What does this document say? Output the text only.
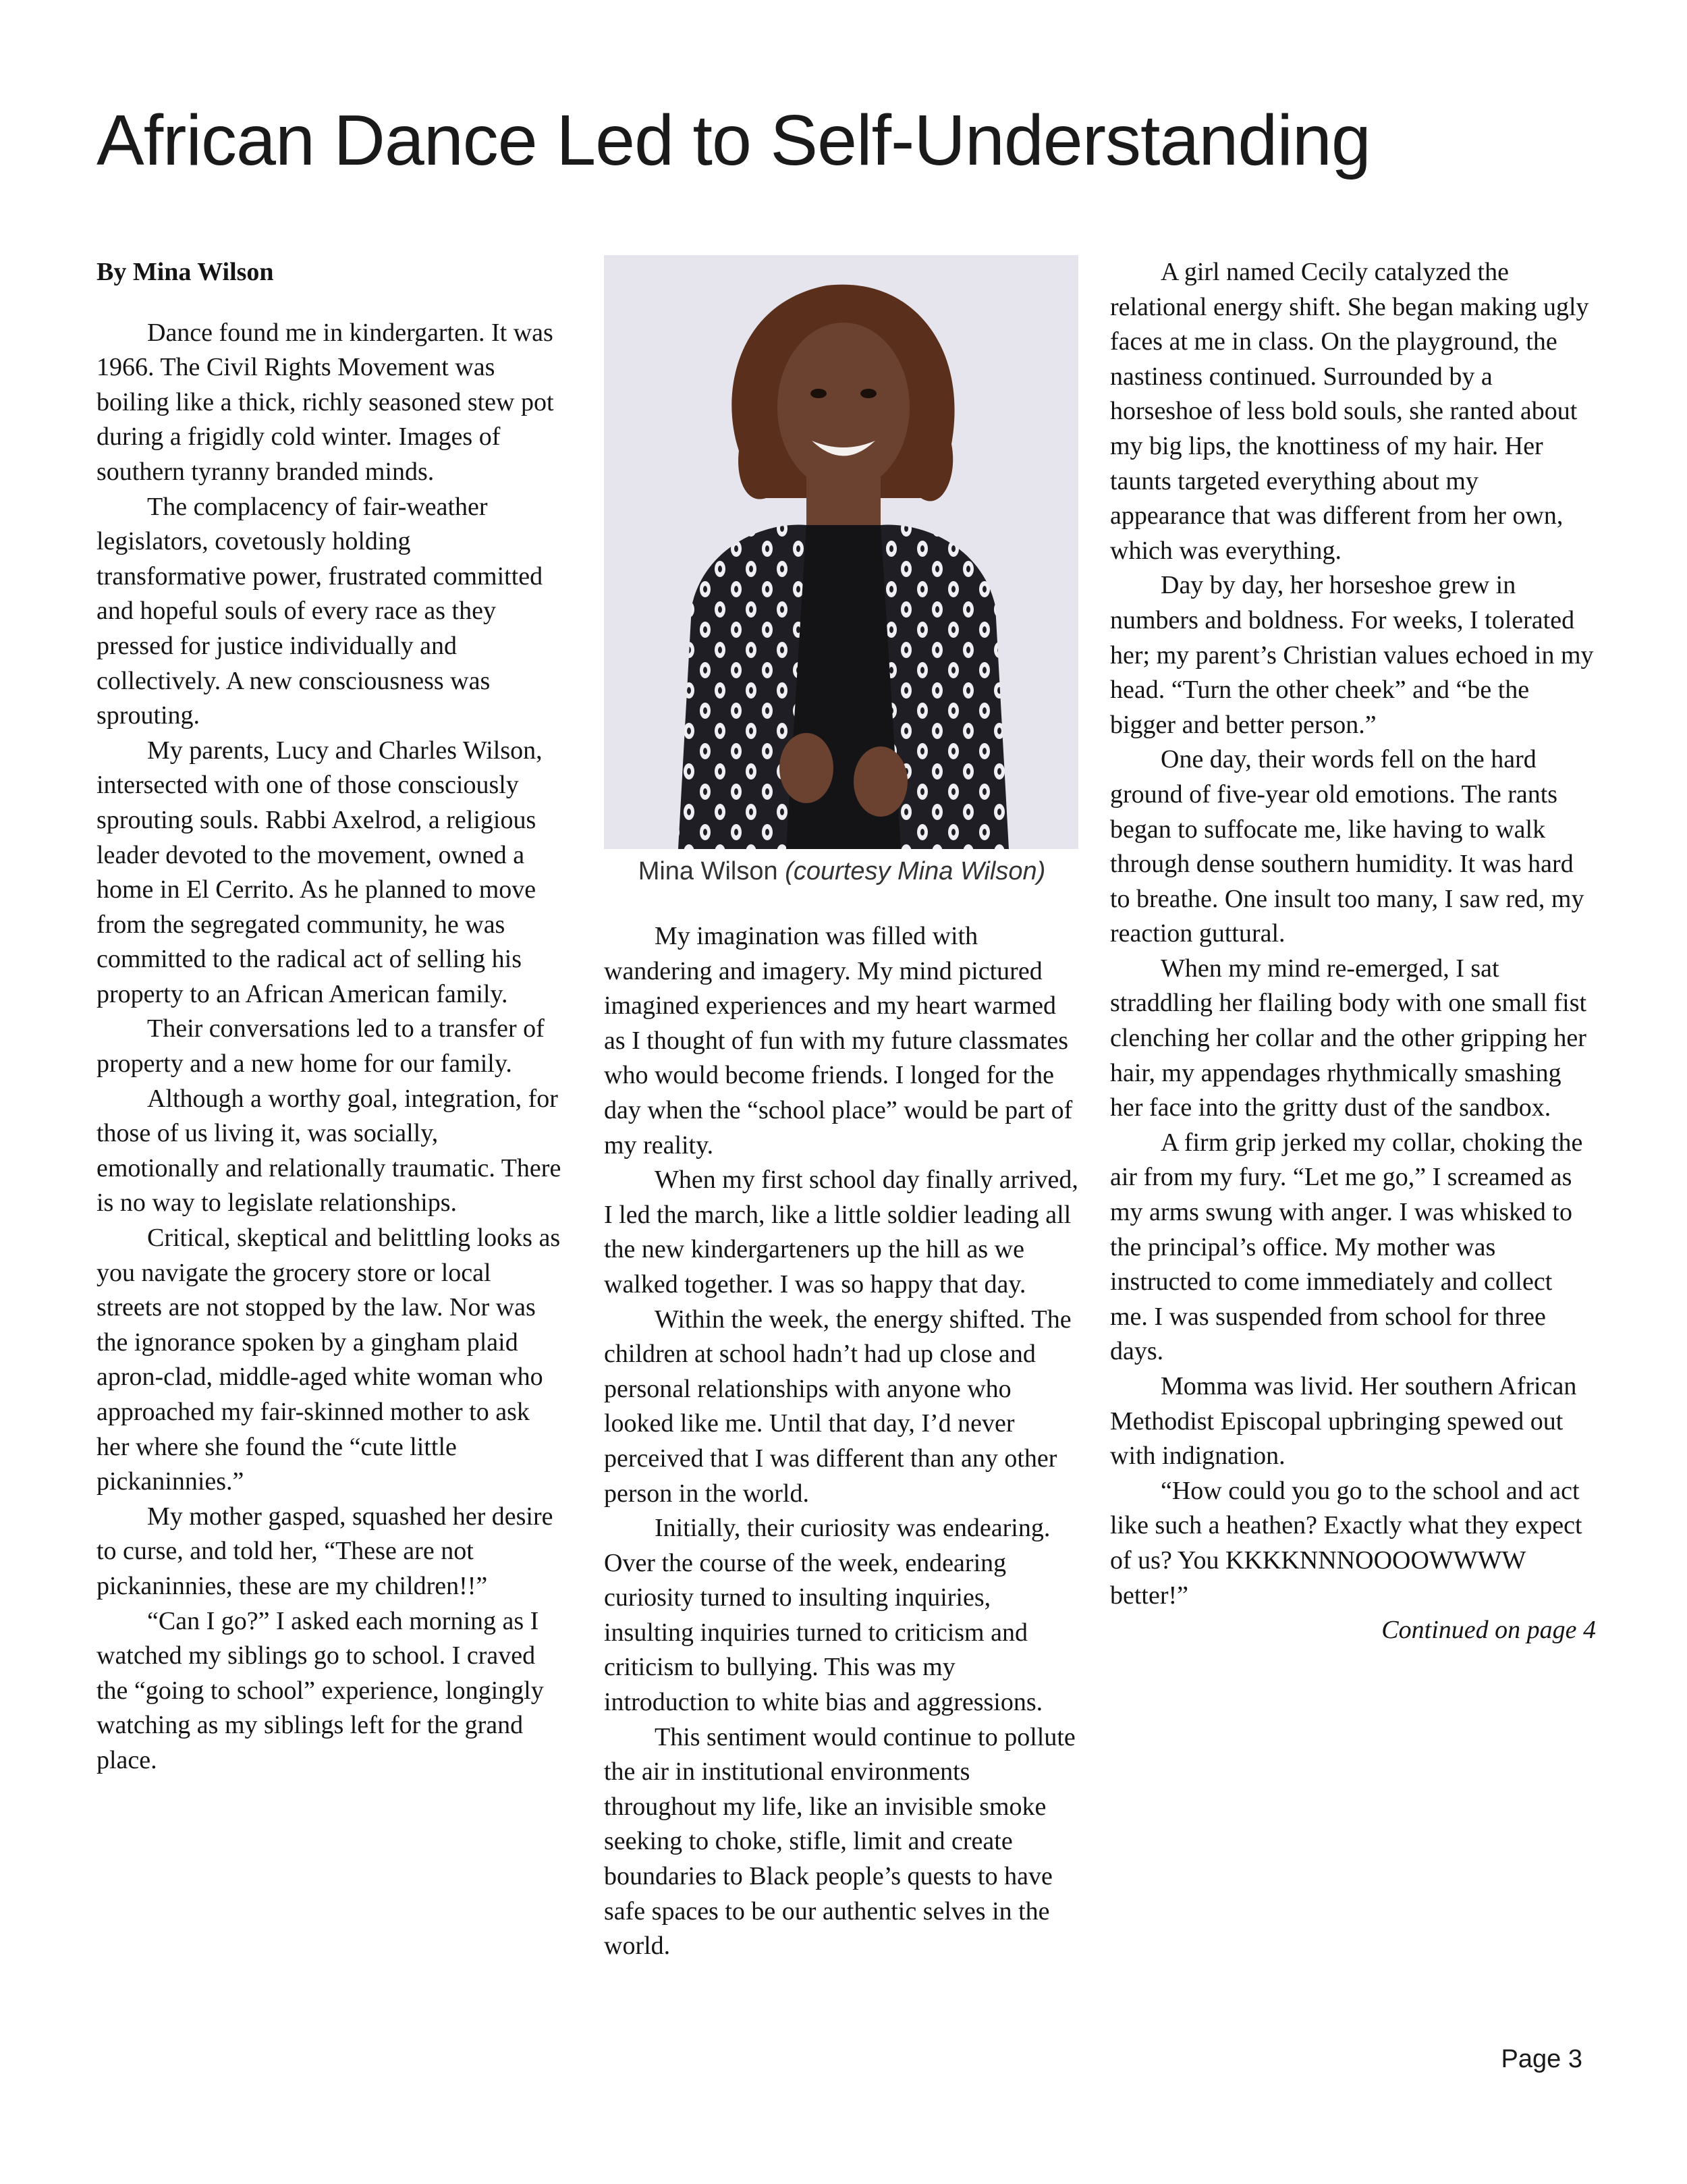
African Dance Led to Self-Understanding
By Mina Wilson

Dance found me in kindergarten. It was 1966. The Civil Rights Movement was boiling like a thick, richly seasoned stew pot during a frigidly cold winter. Images of southern tyranny branded minds.

The complacency of fair-weather legislators, covetously holding transformative power, frustrated committed and hopeful souls of every race as they pressed for justice individually and collectively. A new consciousness was sprouting.

My parents, Lucy and Charles Wilson, intersected with one of those consciously sprouting souls. Rabbi Axelrod, a religious leader devoted to the movement, owned a home in El Cerrito. As he planned to move from the segregated community, he was committed to the radical act of selling his property to an African American family.

Their conversations led to a transfer of property and a new home for our family.

Although a worthy goal, integration, for those of us living it, was socially, emotionally and relationally traumatic. There is no way to legislate relationships.

Critical, skeptical and belittling looks as you navigate the grocery store or local streets are not stopped by the law. Nor was the ignorance spoken by a gingham plaid apron-clad, middle-aged white woman who approached my fair-skinned mother to ask her where she found the “cute little pickaninnies.”

My mother gasped, squashed her desire to curse, and told her, “These are not pickaninnies, these are my children!!”

“Can I go?” I asked each morning as I watched my siblings go to school. I craved the “going to school” experience, longingly watching as my siblings left for the grand place.

Mina Wilson (courtesy Mina Wilson)

My imagination was filled with wandering and imagery. My mind pictured imagined experiences and my heart warmed as I thought of fun with my future classmates who would become friends. I longed for the day when the “school place” would be part of my reality.

When my first school day finally arrived, I led the march, like a little soldier leading all the new kindergarteners up the hill as we walked together. I was so happy that day.

Within the week, the energy shifted. The children at school hadn’t had up close and personal relationships with anyone who looked like me. Until that day, I’d never perceived that I was different than any other person in the world.

Initially, their curiosity was endearing. Over the course of the week, endearing curiosity turned to insulting inquiries, insulting inquiries turned to criticism and criticism to bullying. This was my introduction to white bias and aggressions.

This sentiment would continue to pollute the air in institutional environments throughout my life, like an invisible smoke seeking to choke, stifle, limit and create boundaries to Black people’s quests to have safe spaces to be our authentic selves in the world.

A girl named Cecily catalyzed the relational energy shift. She began making ugly faces at me in class. On the playground, the nastiness continued. Surrounded by a horseshoe of less bold souls, she ranted about my big lips, the knottiness of my hair. Her taunts targeted everything about my appearance that was different from her own, which was everything.

Day by day, her horseshoe grew in numbers and boldness. For weeks, I tolerated her; my parent’s Christian values echoed in my head. “Turn the other cheek” and “be the bigger and better person.”

One day, their words fell on the hard ground of five-year old emotions. The rants began to suffocate me, like having to walk through dense southern humidity. It was hard to breathe. One insult too many, I saw red, my reaction guttural.

When my mind re-emerged, I sat straddling her flailing body with one small fist clenching her collar and the other gripping her hair, my appendages rhythmically smashing her face into the gritty dust of the sandbox.

A firm grip jerked my collar, choking the air from my fury. “Let me go,” I screamed as my arms swung with anger. I was whisked to the principal’s office. My mother was instructed to come immediately and collect me. I was suspended from school for three days.

Momma was livid. Her southern African Methodist Episcopal upbringing spewed out with indignation.

“How could you go to the school and act like such a heathen? Exactly what they expect of us? You KKKKNNNOOOOWWWW better!”

Continued on page 4
Page 3
